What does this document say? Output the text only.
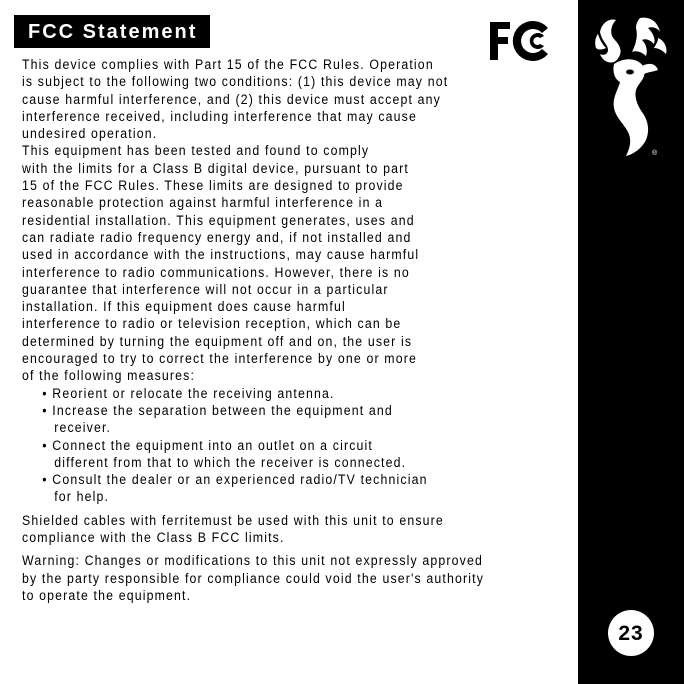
FCC Statement
®
23
This device complies with Part 15 of the FCC Rules. Operation
is subject to the following two conditions: (1) this device may not
cause harmful interference, and (2) this device must accept any
interference received, including interference that may cause
undesired operation.
This equipment has been tested and found to comply
with the limits for a Class B digital device, pursuant to part
15 of the FCC Rules. These limits are designed to provide
reasonable protection against harmful interference in a
residential installation. This equipment generates, uses and
can radiate radio frequency energy and, if not installed and
used in accordance with the instructions, may cause harmful
interference to radio communications. However, there is no
guarantee that interference will not occur in a particular
installation. If this equipment does cause harmful
interference to radio or television reception, which can be
determined by turning the equipment off and on, the user is
encouraged to try to correct the interference by one or more
of the following measures:
• Reorient or relocate the receiving antenna.
• Increase the separation between the equipment and
receiver.
• Connect the equipment into an outlet on a circuit
different from that to which the receiver is connected.
• Consult the dealer or an experienced radio/TV technician
for help.
Shielded cables with ferritemust be used with this unit to ensure
compliance with the Class B FCC limits.
Warning: Changes or modifications to this unit not expressly approved
by the party responsible for compliance could void the user's authority
to operate the equipment.
